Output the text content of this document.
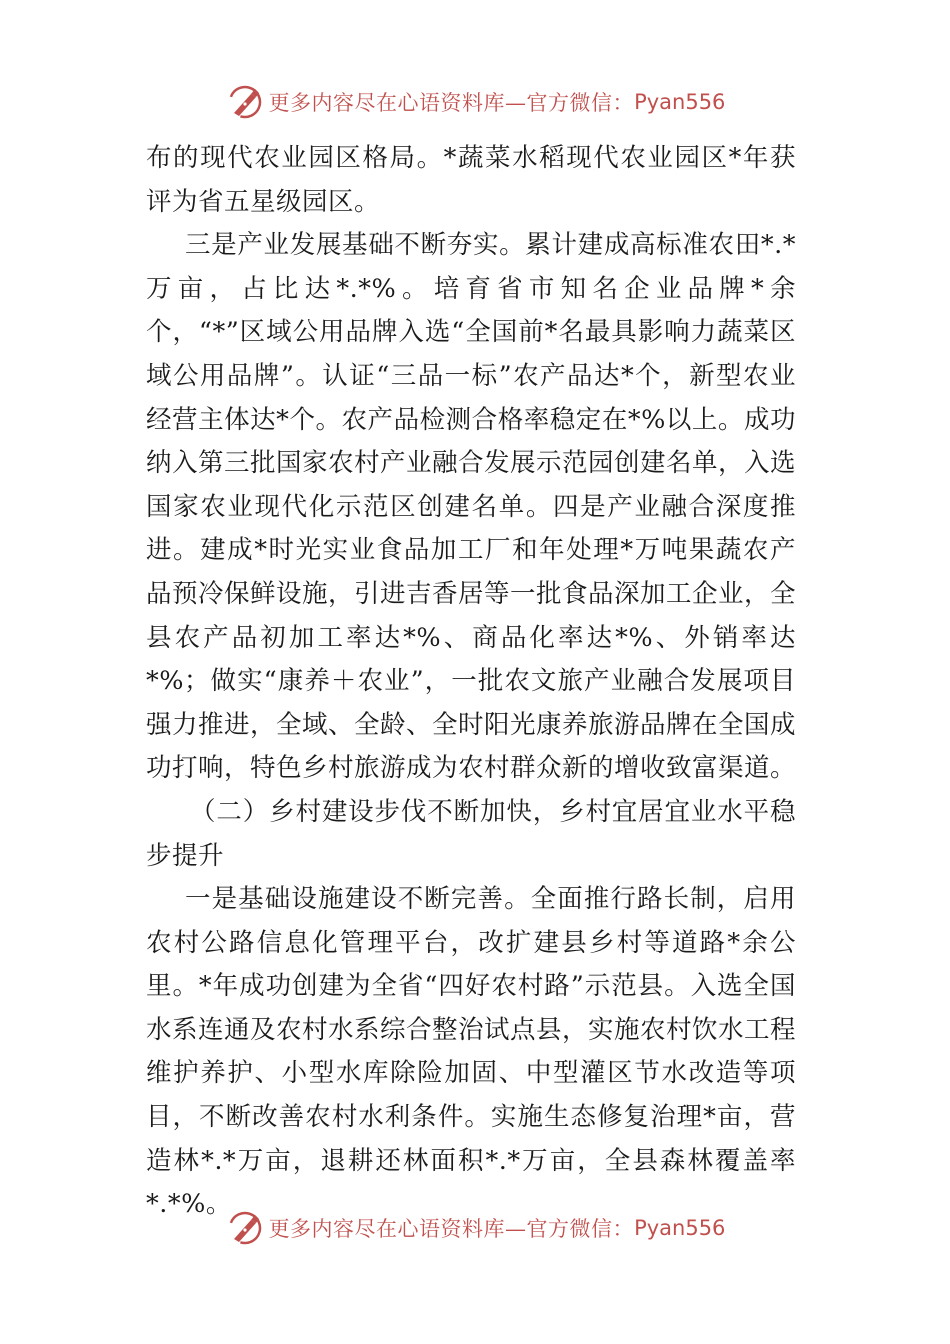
更多内容尽在心语资料库—官方微信： Pyan556

布的现代农业园区格局。*蔬菜水稻现代农业园区*年获评为省五星级园区。

三是产业发展基础不断夯实。累计建成高标准农田*.*万亩，占比达*.*%。培育省市知名企业品牌*余个，“*”区域公用品牌入选“全国前*名最具影响力蔬菜区域公用品牌”。认证“三品一标”农产品达*个，新型农业经营主体达*个。农产品检测合格率稳定在*%以上。成功纳入第三批国家农村产业融合发展示范园创建名单，入选国家农业现代化示范区创建名单。四是产业融合深度推进。建成*时光实业食品加工厂和年处理*万吨果蔬农产品预冷保鲜设施，引进吉香居等一批食品深加工企业，全县农产品初加工率达*%、商品化率达*%、外销率达*%；做实“康养＋农业”，一批农文旅产业融合发展项目强力推进，全域、全龄、全时阳光康养旅游品牌在全国成功打响，特色乡村旅游成为农村群众新的增收致富渠道。

（二）乡村建设步伐不断加快，乡村宜居宜业水平稳步提升

一是基础设施建设不断完善。全面推行路长制，启用农村公路信息化管理平台，改扩建县乡村等道路*余公里。*年成功创建为全省“四好农村路”示范县。入选全国水系连通及农村水系综合整治试点县，实施农村饮水工程维护养护、小型水库除险加固、中型灌区节水改造等项目，不断改善农村水利条件。实施生态修复治理*亩，营造林*.*万亩，退耕还林面积*.*万亩，全县森林覆盖率*.*%。

更多内容尽在心语资料库—官方微信： Pyan556
